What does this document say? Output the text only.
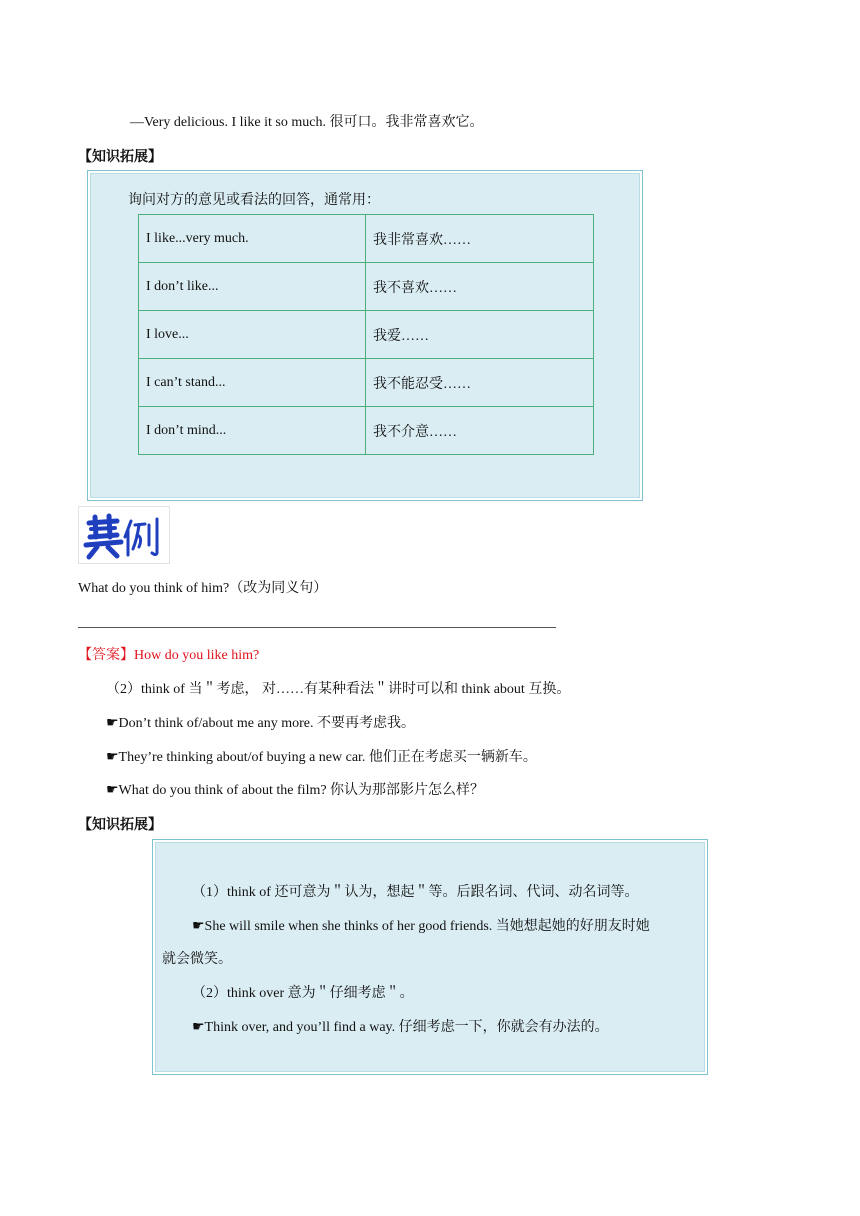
—Very delicious. I like it so much. 很可口。我非常喜欢它。
【知识拓展】
询问对方的意见或看法的回答，通常用：
I like...very much.	我非常喜欢……
I don’t like...	我不喜欢……
I love...	我爱……
I can’t stand...	我不能忍受……
I don’t mind...	我不介意……
What do you think of him?（改为同义句）
【答案】How do you like him?
（2）think of 当＂考虑， 对……有某种看法＂讲时可以和 think about 互换。
☛Don’t think of/about me any more. 不要再考虑我。
☛They’re thinking about/of buying a new car. 他们正在考虑买一辆新车。
☛What do you think of about the film? 你认为那部影片怎么样？
【知识拓展】
（1）think of 还可意为＂认为，想起＂等。后跟名词、代词、动名词等。
☛She will smile when she thinks of her good friends. 当她想起她的好朋友时她
就会微笑。
（2）think over 意为＂仔细考虑＂。
☛Think over, and you’ll find a way. 仔细考虑一下，你就会有办法的。
